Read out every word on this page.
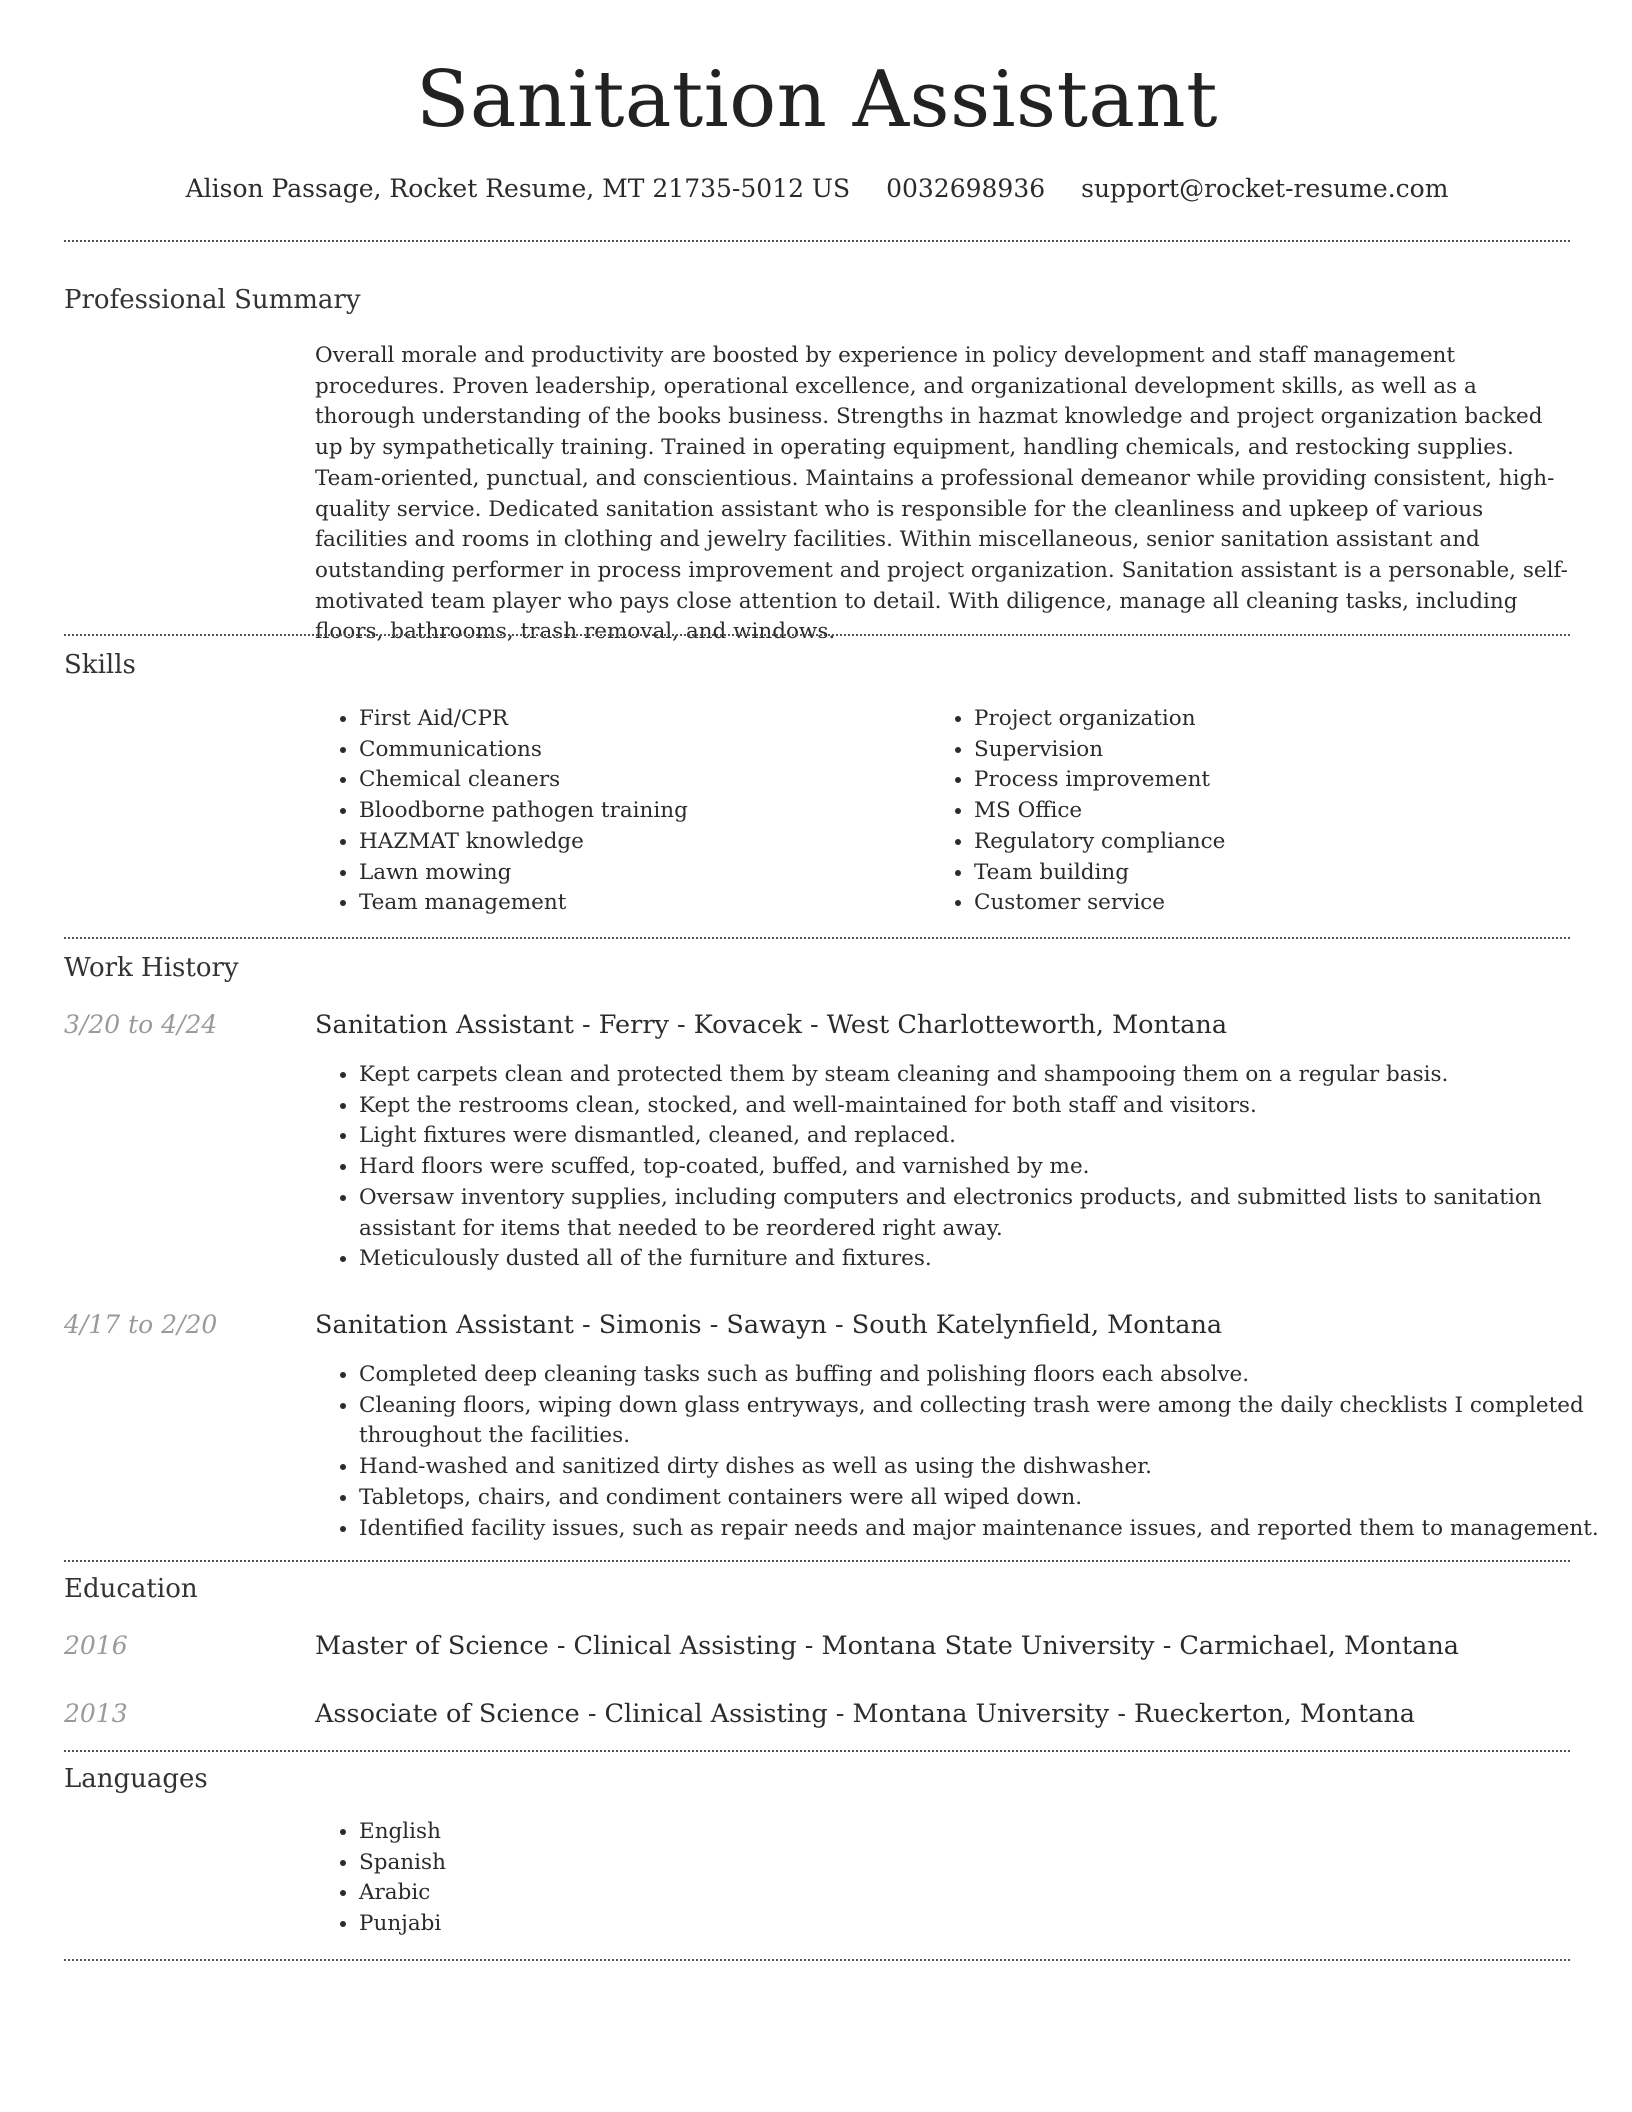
Sanitation Assistant
Alison Passage, Rocket Resume, MT 21735-5012 US 0032698936 support@rocket-resume.com
Professional Summary

Overall morale and productivity are boosted by experience in policy development and staff management procedures. Proven leadership, operational excellence, and organizational development skills, as well as a thorough understanding of the books business. Strengths in hazmat knowledge and project organization backed up by sympathetically training. Trained in operating equipment, handling chemicals, and restocking supplies. Team-oriented, punctual, and conscientious. Maintains a professional demeanor while providing consistent, high-quality service. Dedicated sanitation assistant who is responsible for the cleanliness and upkeep of various facilities and rooms in clothing and jewelry facilities. Within miscellaneous, senior sanitation assistant and outstanding performer in process improvement and project organization. Sanitation assistant is a personable, self-motivated team player who pays close attention to detail. With diligence, manage all cleaning tasks, including floors, bathrooms, trash removal, and windows.

Skills
• First Aid/CPR
• Communications
• Chemical cleaners
• Bloodborne pathogen training
• HAZMAT knowledge
• Lawn mowing
• Team management
• Project organization
• Supervision
• Process improvement
• MS Office
• Regulatory compliance
• Team building
• Customer service
Work History
3/20 to 4/24	Sanitation Assistant - Ferry - Kovacek - West Charlotteworth, Montana
• Kept carpets clean and protected them by steam cleaning and shampooing them on a regular basis.
• Kept the restrooms clean, stocked, and well-maintained for both staff and visitors.
• Light fixtures were dismantled, cleaned, and replaced.
• Hard floors were scuffed, top-coated, buffed, and varnished by me.
• Oversaw inventory supplies, including computers and electronics products, and submitted lists to sanitation assistant for items that needed to be reordered right away.
• Meticulously dusted all of the furniture and fixtures.
4/17 to 2/20	Sanitation Assistant - Simonis - Sawayn - South Katelynfield, Montana
• Completed deep cleaning tasks such as buffing and polishing floors each absolve.
• Cleaning floors, wiping down glass entryways, and collecting trash were among the daily checklists I completed throughout the facilities.
• Hand-washed and sanitized dirty dishes as well as using the dishwasher.
• Tabletops, chairs, and condiment containers were all wiped down.
• Identified facility issues, such as repair needs and major maintenance issues, and reported them to management.
Education
2016	Master of Science - Clinical Assisting - Montana State University - Carmichael, Montana
2013	Associate of Science - Clinical Assisting - Montana University - Rueckerton, Montana
Languages
• English
• Spanish
• Arabic
• Punjabi
